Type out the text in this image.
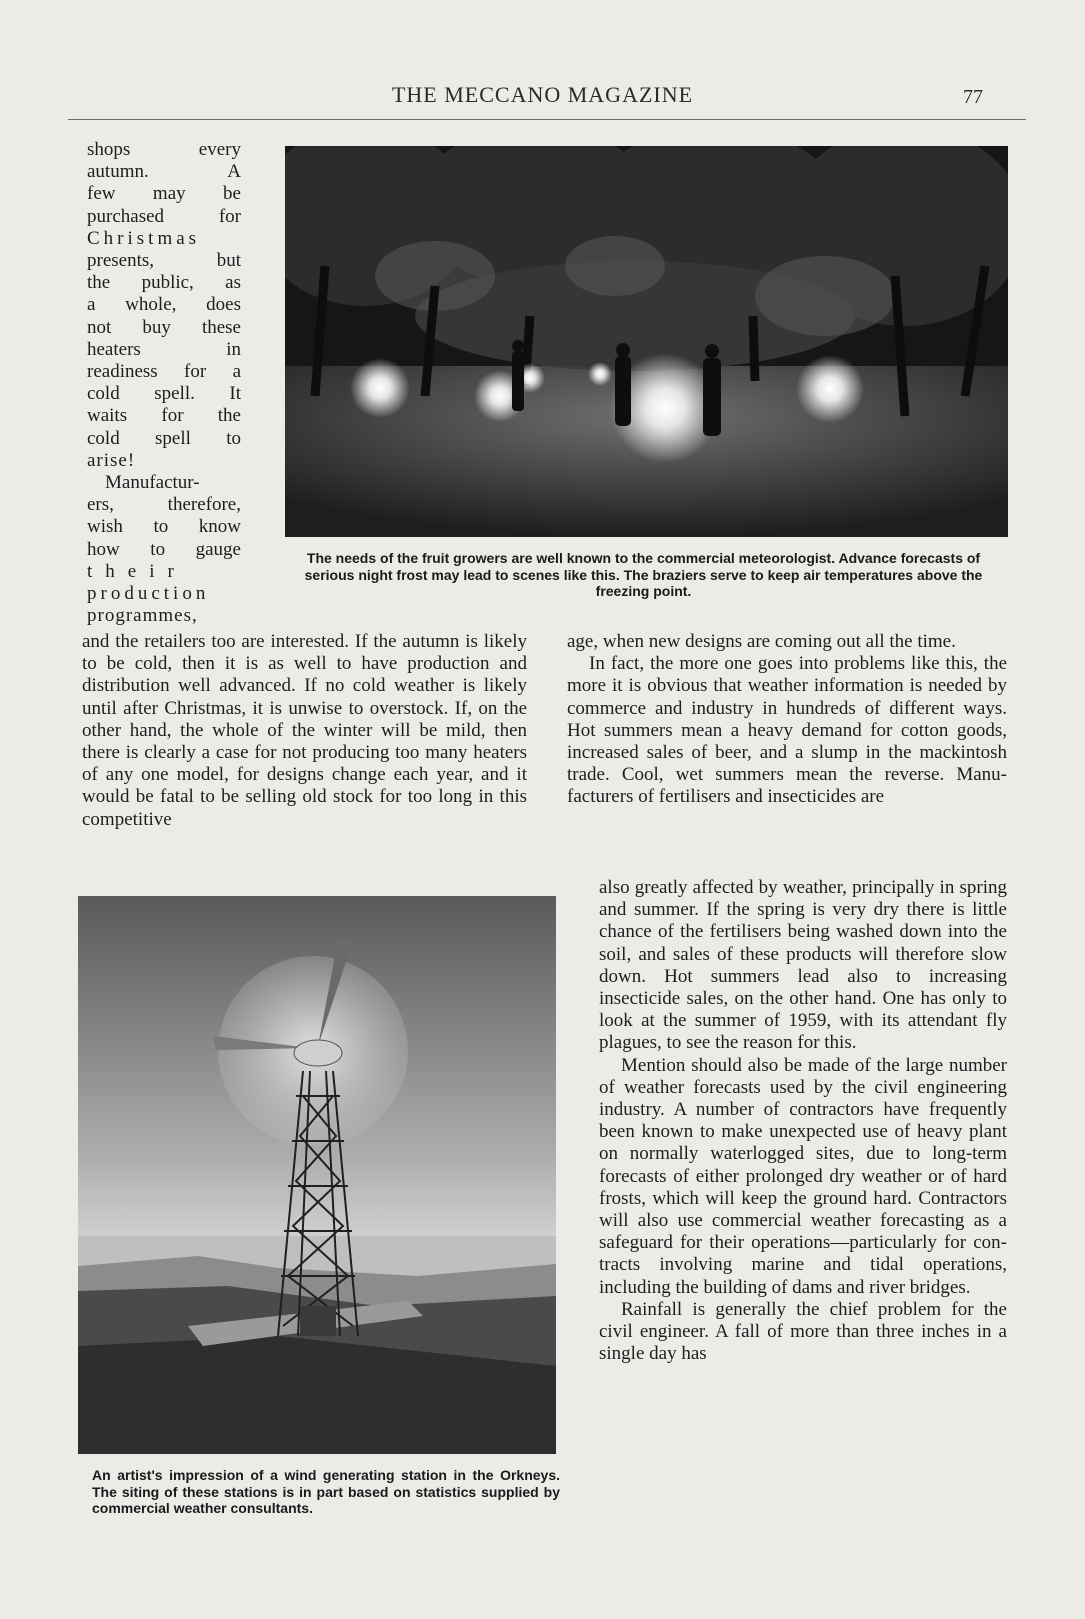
THE MECCANO MAGAZINE	77
shops every
autumn. A
few may be
purchased for
Christmas
presents, but
the public, as
a whole, does
not buy these
heaters in
readiness for a
cold spell. It
waits for the
cold spell to
arise!
Manufactur-
ers, therefore,
wish to know
how to gauge
their
production
programmes,
The needs of the fruit growers are well known to the commercial meteorologist. Advance forecasts of serious night frost may lead to scenes like this. The braziers serve to keep air temperatures above the freezing point.

and the retailers too are interested. If the autumn is likely to be cold, then it is as well to have production and distribution well advanced. If no cold weather is likely until after Christmas, it is unwise to overstock. If, on the other hand, the whole of the winter will be mild, then there is clearly a case for not producing too many heaters of any one model, for designs change each year, and it would be fatal to be selling old stock for too long in this competitive

age, when new designs are coming out all the time.

In fact, the more one goes into problems like this, the more it is obvious that weather information is needed by commerce and industry in hundreds of different ways. Hot summers mean a heavy demand for cotton goods, increased sales of beer, and a slump in the mackintosh trade. Cool, wet summers mean the reverse. Manu-facturers of fertilisers and insecticides are

also greatly affected by weather, principally in spring and summer. If the spring is very dry there is little chance of the fertilisers being washed down into the soil, and sales of these products will therefore slow down. Hot summers lead also to increasing insecticide sales, on the other hand. One has only to look at the summer of 1959, with its attendant fly plagues, to see the reason for this.

Mention should also be made of the large number of weather forecasts used by the civil engineering industry. A number of contractors have frequently been known to make unexpected use of heavy plant on normally waterlogged sites, due to long-term forecasts of either prolonged dry weather or of hard frosts, which will keep the ground hard. Contractors will also use commercial weather forecasting as a safeguard for their operations—particularly for con-tracts involving marine and tidal operations, including the building of dams and river bridges.

Rainfall is generally the chief problem for the civil engineer. A fall of more than three inches in a single day has

An artist's impression of a wind generating station in the Orkneys. The siting of these stations is in part based on statistics supplied by commercial weather consultants.
